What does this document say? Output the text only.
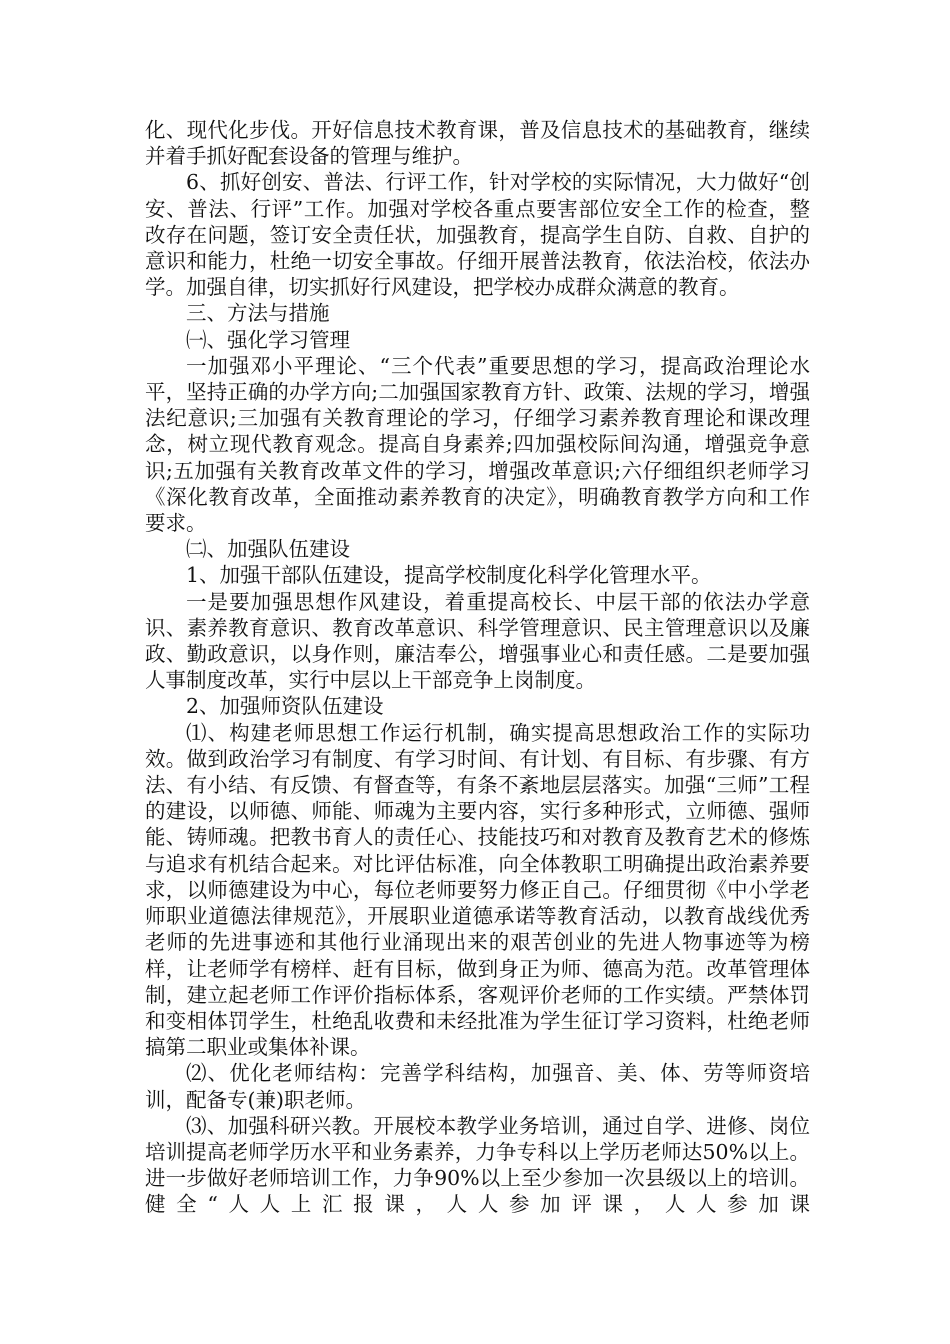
化、现代化步伐。开好信息技术教育课，普及信息技术的基础教育，继续并着手抓好配套设备的管理与维护。

6、抓好创安、普法、行评工作，针对学校的实际情况，大力做好“创安、普法、行评”工作。加强对学校各重点要害部位安全工作的检查，整改存在问题，签订安全责任状，加强教育，提高学生自防、自救、自护的意识和能力，杜绝一切安全事故。仔细开展普法教育，依法治校，依法办学。加强自律，切实抓好行风建设，把学校办成群众满意的教育。

三、方法与措施

㈠、强化学习管理

一加强邓小平理论、“三个代表”重要思想的学习，提高政治理论水平，坚持正确的办学方向;二加强国家教育方针、政策、法规的学习，增强法纪意识;三加强有关教育理论的学习，仔细学习素养教育理论和课改理念，树立现代教育观念。提高自身素养;四加强校际间沟通，增强竞争意识;五加强有关教育改革文件的学习，增强改革意识;六仔细组织老师学习《深化教育改革，全面推动素养教育的决定》，明确教育教学方向和工作要求。

㈡、加强队伍建设

1、加强干部队伍建设，提高学校制度化科学化管理水平。

一是要加强思想作风建设，着重提高校长、中层干部的依法办学意识、素养教育意识、教育改革意识、科学管理意识、民主管理意识以及廉政、勤政意识，以身作则，廉洁奉公，增强事业心和责任感。二是要加强人事制度改革，实行中层以上干部竞争上岗制度。

2、加强师资队伍建设

⑴、构建老师思想工作运行机制，确实提高思想政治工作的实际功效。做到政治学习有制度、有学习时间、有计划、有目标、有步骤、有方法、有小结、有反馈、有督查等，有条不紊地层层落实。加强“三师”工程的建设，以师德、师能、师魂为主要内容，实行多种形式，立师德、强师能、铸师魂。把教书育人的责任心、技能技巧和对教育及教育艺术的修炼与追求有机结合起来。对比评估标准，向全体教职工明确提出政治素养要求，以师德建设为中心，每位老师要努力修正自己。仔细贯彻《中小学老师职业道德法律规范》，开展职业道德承诺等教育活动，以教育战线优秀老师的先进事迹和其他行业涌现出来的艰苦创业的先进人物事迹等为榜样，让老师学有榜样、赶有目标，做到身正为师、德高为范。改革管理体制，建立起老师工作评价指标体系，客观评价老师的工作实绩。严禁体罚和变相体罚学生，杜绝乱收费和未经批准为学生征订学习资料，杜绝老师搞第二职业或集体补课。

⑵、优化老师结构：完善学科结构，加强音、美、体、劳等师资培训，配备专(兼)职老师。

⑶、加强科研兴教。开展校本教学业务培训，通过自学、进修、岗位培训提高老师学历水平和业务素养，力争专科以上学历老师达50%以上。进一步做好老师培训工作，力争90%以上至少参加一次县级以上的培训。健全“人人上汇报课，人人参加评课，人人参加课
